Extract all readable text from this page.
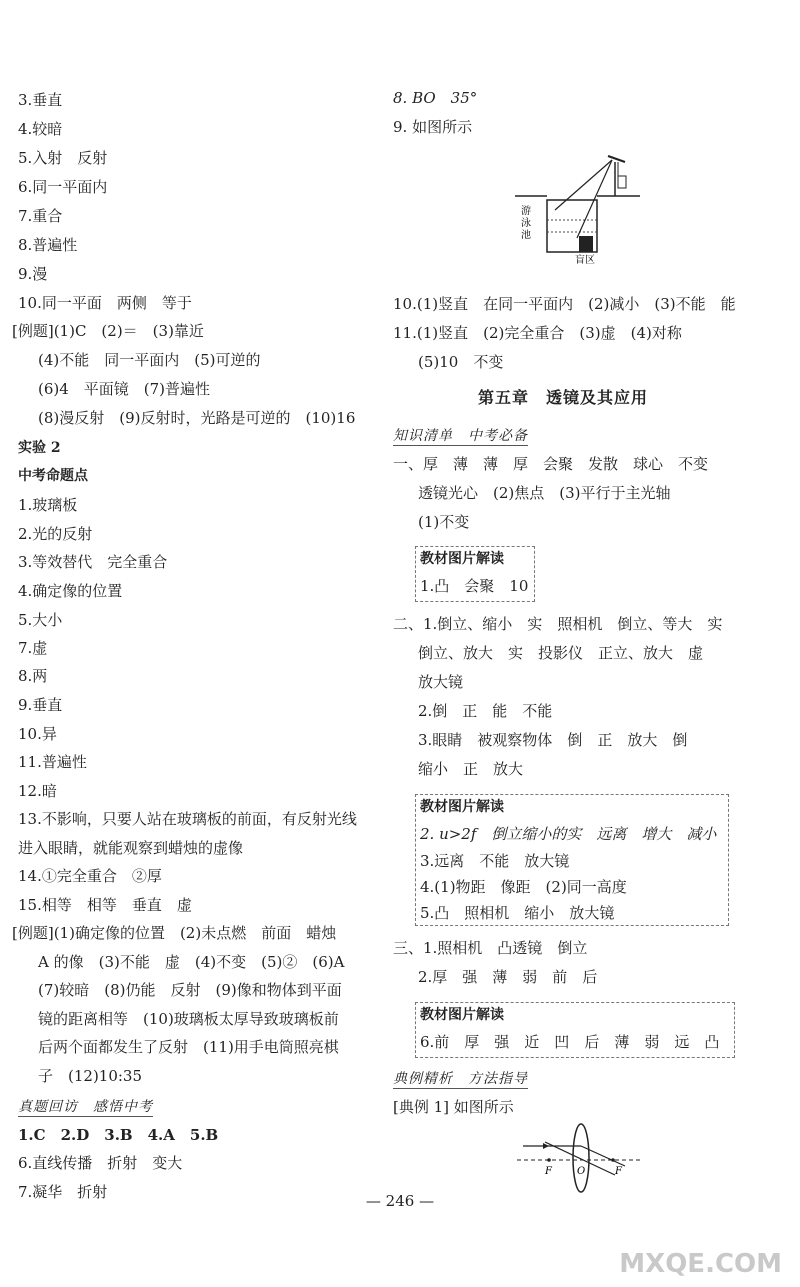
3.垂直
4.较暗
5.入射　反射
6.同一平面内
7.重合
8.普遍性
9.漫
10.同一平面　两侧　等于
[例题](1)C　(2)＝　(3)靠近
(4)不能　同一平面内　(5)可逆的
(6)4　平面镜　(7)普遍性
(8)漫反射　(9)反射时，光路是可逆的　(10)16
实验 2
中考命题点
1.玻璃板
2.光的反射
3.等效替代　完全重合
4.确定像的位置
5.大小
7.虚
8.两
9.垂直
10.异
11.普遍性
12.暗
13.不影响，只要人站在玻璃板的前面，有反射光线
进入眼睛，就能观察到蜡烛的虚像
14.①完全重合　②厚
15.相等　相等　垂直　虚
[例题](1)确定像的位置　(2)未点燃　前面　蜡烛
A 的像　(3)不能　虚　(4)不变　(5)②　(6)A
(7)较暗　(8)仍能　反射　(9)像和物体到平面
镜的距离相等　(10)玻璃板太厚导致玻璃板前
后两个面都发生了反射　(11)用手电筒照亮棋
子　(12)10:35
真题回访　感悟中考
1.C　2.D　3.B　4.A　5.B
6.直线传播　折射　变大
7.凝华　折射
8. BO　35°
9. 如图所示
游
泳
池
盲区
10.(1)竖直　在同一平面内　(2)减小　(3)不能　能
11.(1)竖直　(2)完全重合　(3)虚　(4)对称
(5)10　不变
第五章　透镜及其应用
知识清单　中考必备
一、厚　薄　薄　厚　会聚　发散　球心　不变
透镜光心　(2)焦点　(3)平行于主光轴
(1)不变
教材图片解读
1.凸　会聚　10
二、1.倒立、缩小　实　照相机　倒立、等大　实
倒立、放大　实　投影仪　正立、放大　虚
放大镜
2.倒　正　能　不能
3.眼睛　被观察物体　倒　正　放大　倒
缩小　正　放大
教材图片解读
2. u>2f　倒立缩小的实　远离　增大　减小
3.远离　不能　放大镜
4.(1)物距　像距　(2)同一高度
5.凸　照相机　缩小　放大镜
三、1.照相机　凸透镜　倒立
2.厚　强　薄　弱　前　后
教材图片解读
6.前　厚　强　近　凹　后　薄　弱　远　凸
典例精析　方法指导
[典例 1] 如图所示
F	O	F
— 246 —
MXQE.COM
